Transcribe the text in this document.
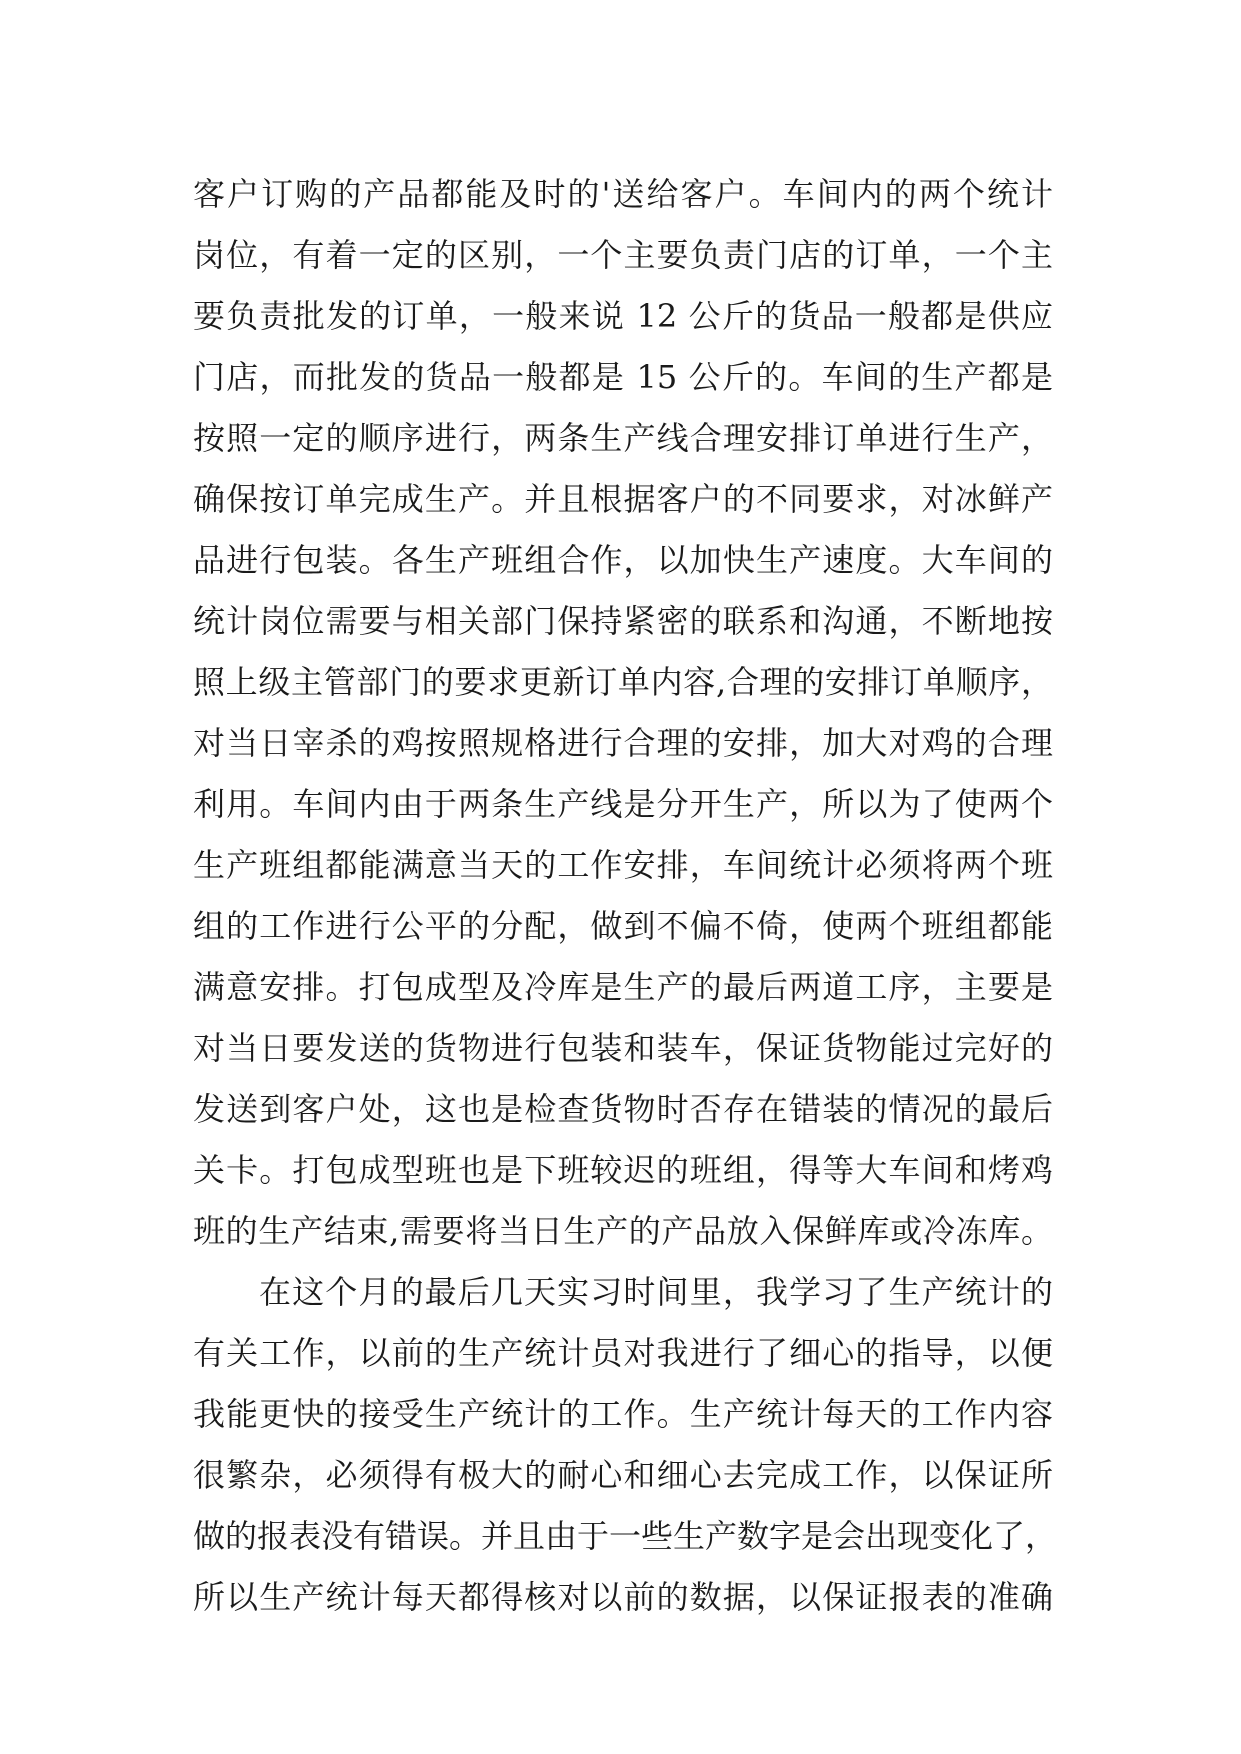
客户订购的产品都能及时的'送给客户。车间内的两个统计
岗位，有着一定的区别，一个主要负责门店的订单，一个主
要负责批发的订单，一般来说 12 公斤的货品一般都是供应
门店，而批发的货品一般都是 15 公斤的。车间的生产都是
按照一定的顺序进行，两条生产线合理安排订单进行生产，
确保按订单完成生产。并且根据客户的不同要求，对冰鲜产
品进行包装。各生产班组合作，以加快生产速度。大车间的
统计岗位需要与相关部门保持紧密的联系和沟通，不断地按
照上级主管部门的要求更新订单内容,合理的安排订单顺序，
对当日宰杀的鸡按照规格进行合理的安排，加大对鸡的合理
利用。车间内由于两条生产线是分开生产，所以为了使两个
生产班组都能满意当天的工作安排，车间统计必须将两个班
组的工作进行公平的分配，做到不偏不倚，使两个班组都能
满意安排。打包成型及冷库是生产的最后两道工序，主要是
对当日要发送的货物进行包装和装车，保证货物能过完好的
发送到客户处，这也是检查货物时否存在错装的情况的最后
关卡。打包成型班也是下班较迟的班组，得等大车间和烤鸡
班的生产结束,需要将当日生产的产品放入保鲜库或冷冻库。
在这个月的最后几天实习时间里，我学习了生产统计的
有关工作，以前的生产统计员对我进行了细心的指导，以便
我能更快的接受生产统计的工作。生产统计每天的工作内容
很繁杂，必须得有极大的耐心和细心去完成工作，以保证所
做的报表没有错误。并且由于一些生产数字是会出现变化了，
所以生产统计每天都得核对以前的数据，以保证报表的准确
